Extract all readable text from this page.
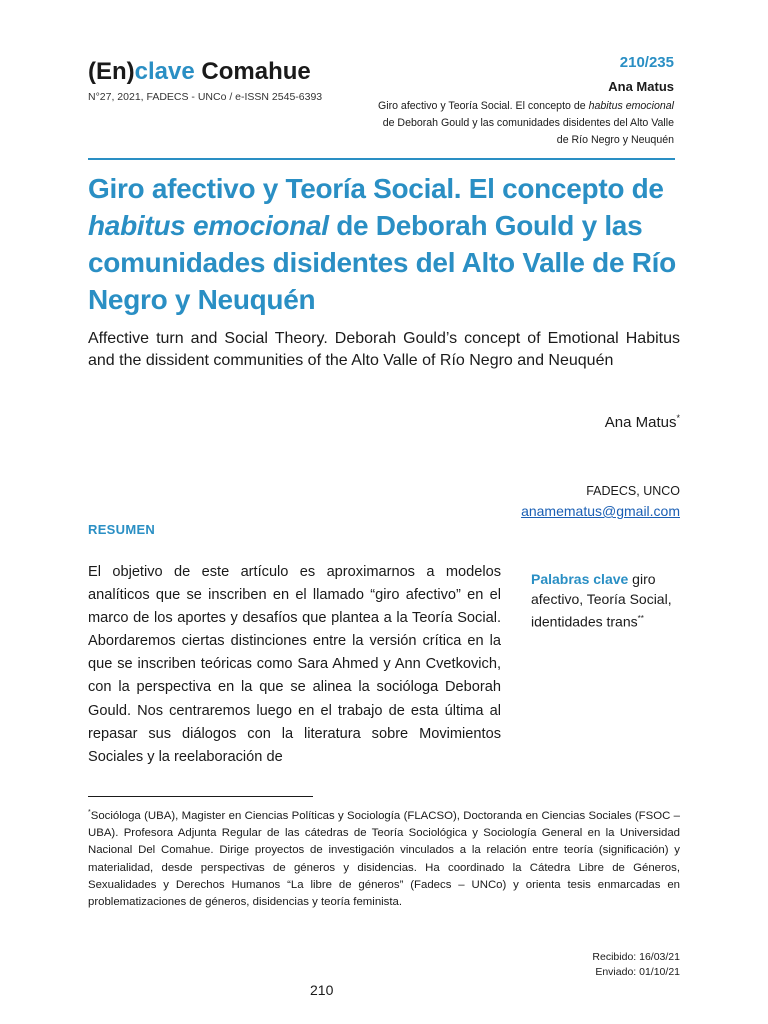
(En)clave Comahue
N°27, 2021, FADECS - UNCo / e-ISSN 2545-6393
210/235
Ana Matus
Giro afectivo y Teoría Social. El concepto de habitus emocional de Deborah Gould y las comunidades disidentes del Alto Valle de Río Negro y Neuquén
Giro afectivo y Teoría Social. El concepto de
habitus emocional de Deborah Gould y las comunidades disidentes del Alto Valle de Río Negro y Neuquén
Affective turn and Social Theory. Deborah Gould’s concept of Emotional Habitus and the dissident communities of the Alto Valle of Río Negro and Neuquén
Ana Matus*
FADECS, UNCO
anamematus@gmail.com
RESUMEN
El objetivo de este artículo es aproximarnos a modelos analíticos que se inscriben en el llamado “giro afectivo” en el marco de los aportes y desafíos que plantea a la Teoría Social. Abordaremos ciertas distinciones entre la versión crítica en la que se inscriben teóricas como Sara Ahmed y Ann Cvetkovich, con la perspectiva en la que se alinea la socióloga Deborah Gould. Nos centraremos luego en el trabajo de esta última al repasar sus diálogos con la literatura sobre Movimientos Sociales y la reelaboración de
Palabras clave giro afectivo, Teoría Social, identidades trans**
*Socióloga (UBA), Magister en Ciencias Políticas y Sociología (FLACSO), Doctoranda en Ciencias Sociales (FSOC – UBA). Profesora Adjunta Regular de las cátedras de Teoría Sociológica y Sociología General en la Universidad Nacional Del Comahue. Dirige proyectos de investigación vinculados a la relación entre teoría (significación) y materialidad, desde perspectivas de géneros y disidencias. Ha coordinado la Cátedra Libre de Géneros, Sexualidades y Derechos Humanos “La libre de géneros” (Fadecs – UNCo) y orienta tesis enmarcadas en problematizaciones de géneros, disidencias y teoría feminista.
Recibido: 16/03/21
Enviado: 01/10/21
210
